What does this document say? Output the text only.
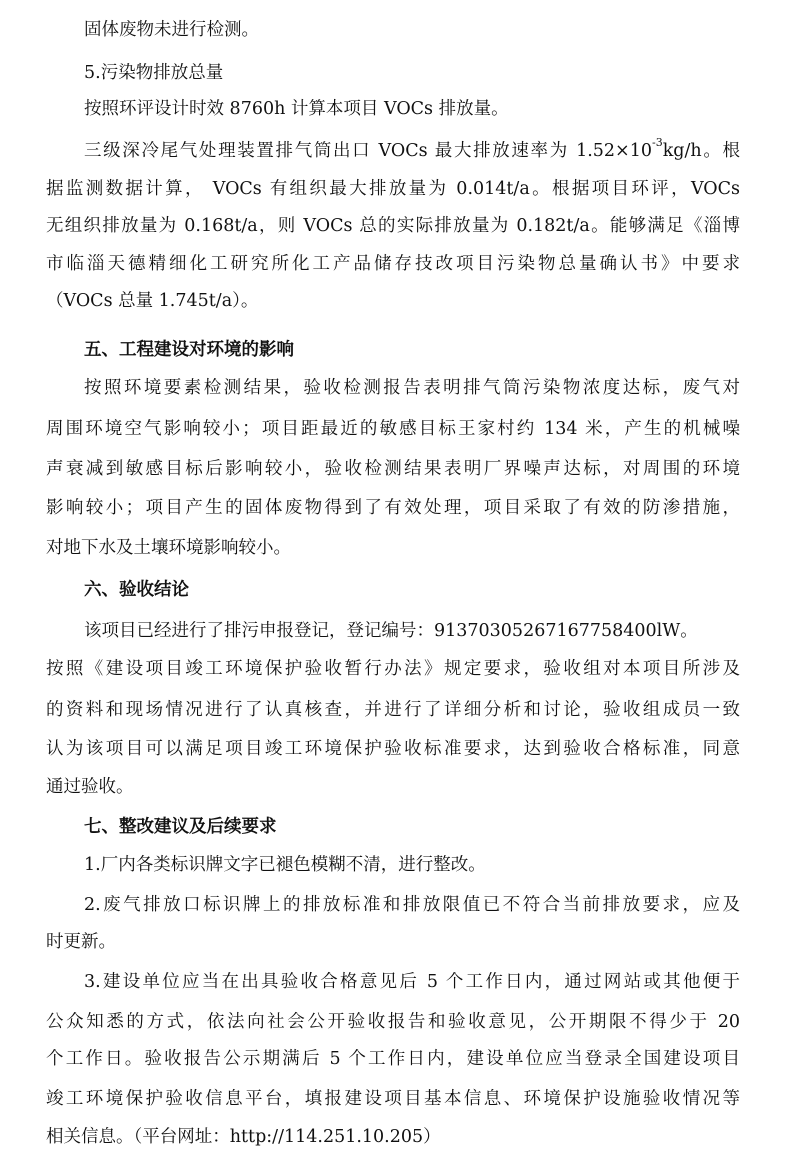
固体废物未进行检测。
5.污染物排放总量
按照环评设计时效 8760h 计算本项目 VOCs 排放量。
三级深冷尾气处理装置排气筒出口 VOCs 最大排放速率为 $1.52\times 10^{-3}kg/h$。根
据监测数据计算， VOCs 有组织最大排放量为 0.014t/a。根据项目环评，VOCs
无组织排放量为 0.168t/a，则 VOCs 总的实际排放量为 0.182t/a。能够满足《淄博
市临淄天德精细化工研究所化工产品储存技改项目污染物总量确认书》中要求
（VOCs 总量 1.745t/a）。
五、工程建设对环境的影响
按照环境要素检测结果，验收检测报告表明排气筒污染物浓度达标，废气对
周围环境空气影响较小；项目距最近的敏感目标王家村约 134 米，产生的机械噪
声衰减到敏感目标后影响较小，验收检测结果表明厂界噪声达标，对周围的环境
影响较小；项目产生的固体废物得到了有效处理，项目采取了有效的防渗措施，
对地下水及土壤环境影响较小。
六、验收结论
该项目已经进行了排污申报登记，登记编号：91370305267167758400lW。
按照《建设项目竣工环境保护验收暂行办法》规定要求，验收组对本项目所涉及
的资料和现场情况进行了认真核查，并进行了详细分析和讨论，验收组成员一致
认为该项目可以满足项目竣工环境保护验收标准要求，达到验收合格标准，同意
通过验收。
七、整改建议及后续要求
1.厂内各类标识牌文字已褪色模糊不清，进行整改。
2.废气排放口标识牌上的排放标准和排放限值已不符合当前排放要求，应及
时更新。
3.建设单位应当在出具验收合格意见后 5 个工作日内，通过网站或其他便于
公众知悉的方式，依法向社会公开验收报告和验收意见，公开期限不得少于 20
个工作日。验收报告公示期满后 5 个工作日内，建设单位应当登录全国建设项目
竣工环境保护验收信息平台，填报建设项目基本信息、环境保护设施验收情况等
相关信息。（平台网址：http://114.251.10.205）
